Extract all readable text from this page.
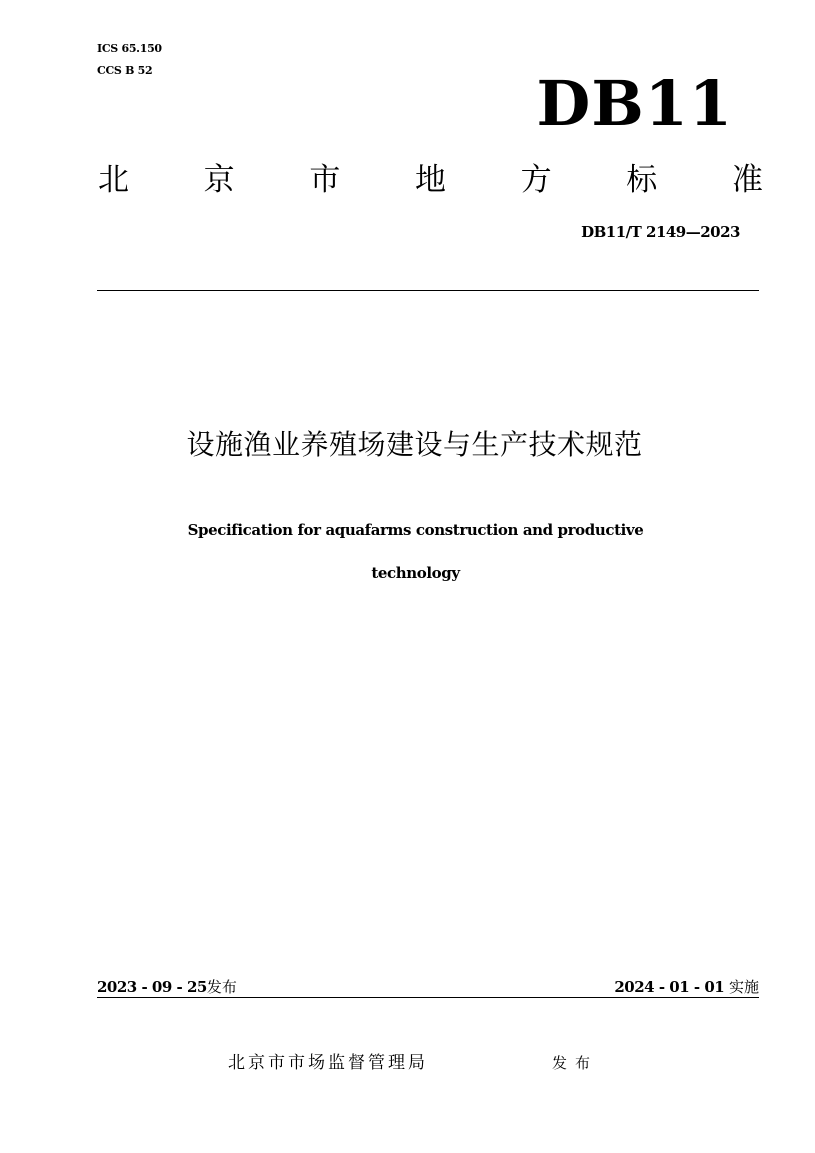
ICS 65.150
CCS B 52	DB11
北 京 市 地 方 标 准
DB11/T 2149—2023
设施渔业养殖场建设与生产技术规范
Specification for aquafarms construction and productive
technology
2023 - 09 - 25发布	2024 - 01 - 01 实施
北京市市场监督管理局	发布
